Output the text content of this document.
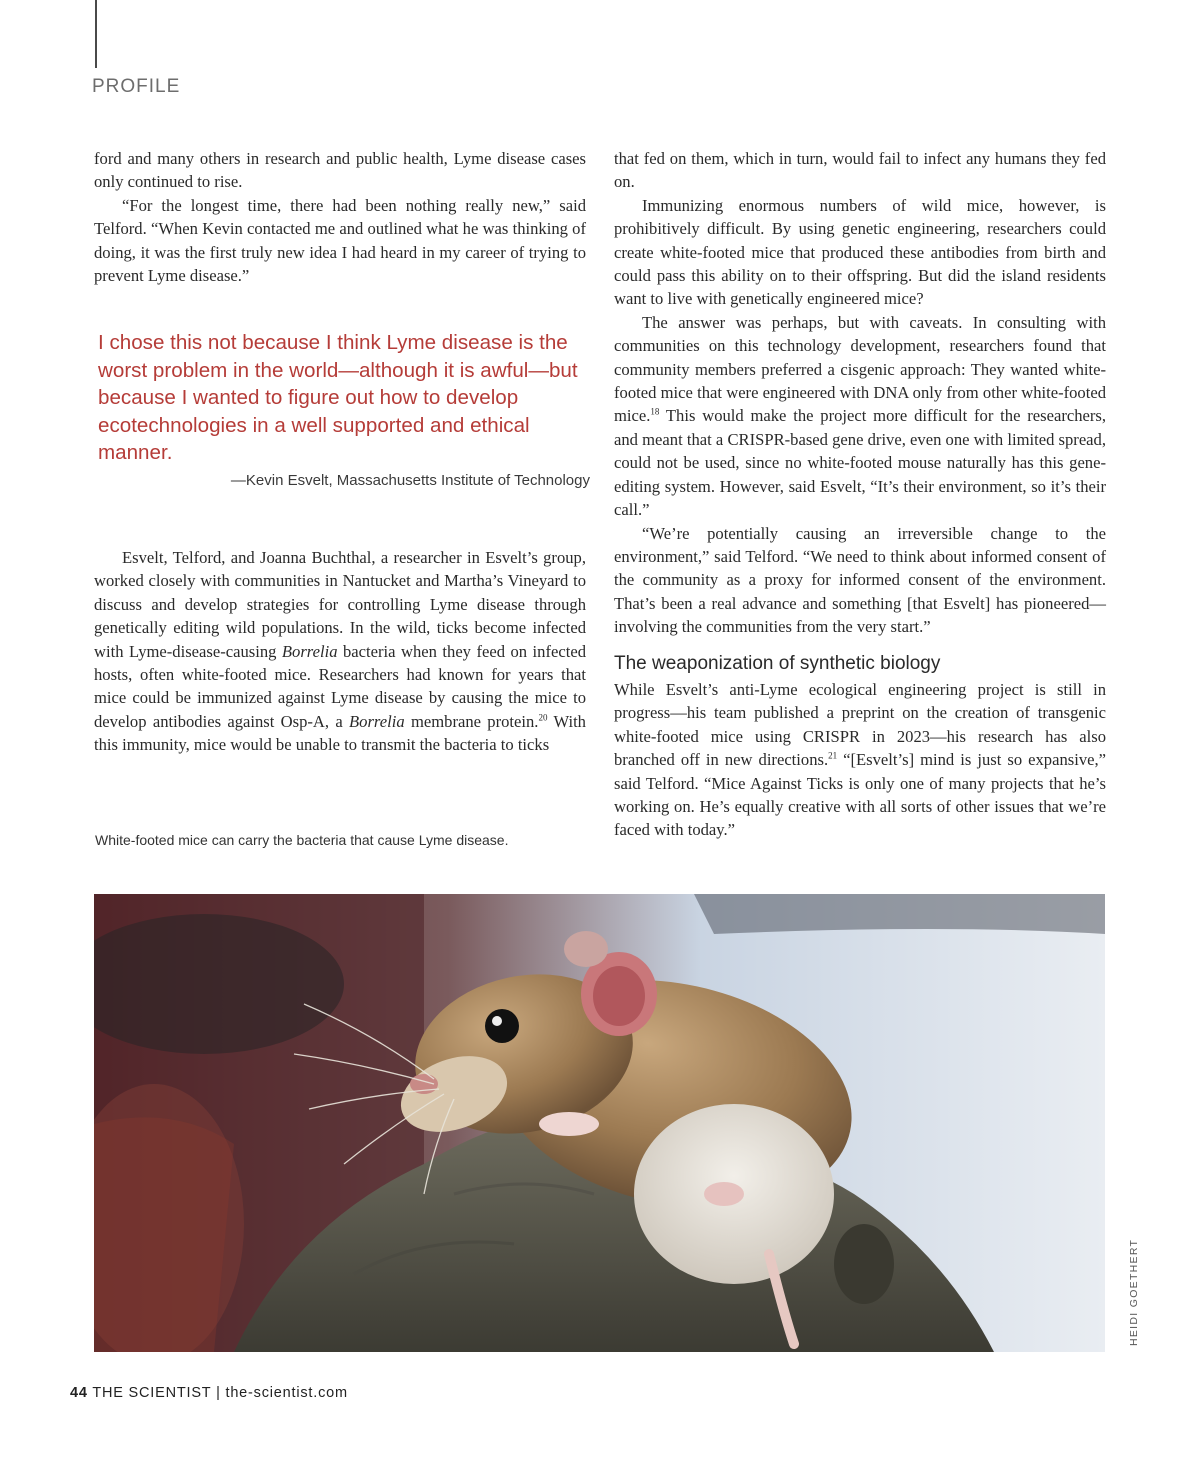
PROFILE

ford and many others in research and public health, Lyme disease cases only continued to rise.

“For the longest time, there had been nothing really new,” said Telford. “When Kevin contacted me and outlined what he was thinking of doing, it was the first truly new idea I had heard in my career of trying to prevent Lyme disease.”

I chose this not because I think Lyme disease is the worst problem in the world—although it is awful—but because I wanted to figure out how to develop ecotechnologies in a well supported and ethical manner.
—Kevin Esvelt, Massachusetts Institute of Technology

Esvelt, Telford, and Joanna Buchthal, a researcher in Esvelt’s group, worked closely with communities in Nantucket and Martha’s Vineyard to discuss and develop strategies for controlling Lyme disease through genetically editing wild populations. In the wild, ticks become infected with Lyme-disease-causing Borrelia bacteria when they feed on infected hosts, often white-footed mice. Researchers had known for years that mice could be immunized against Lyme disease by causing the mice to develop antibodies against Osp-A, a Borrelia membrane protein.$^{20}$ With this immunity, mice would be unable to transmit the bacteria to ticks

that fed on them, which in turn, would fail to infect any humans they fed on.

Immunizing enormous numbers of wild mice, however, is prohibitively difficult. By using genetic engineering, researchers could create white-footed mice that produced these antibodies from birth and could pass this ability on to their offspring. But did the island residents want to live with genetically engineered mice?

The answer was perhaps, but with caveats. In consulting with communities on this technology development, researchers found that community members preferred a cisgenic approach: They wanted white-footed mice that were engineered with DNA only from other white-footed mice.$^{18}$ This would make the project more difficult for the researchers, and meant that a CRISPR-based gene drive, even one with limited spread, could not be used, since no white-footed mouse naturally has this gene-editing system. However, said Esvelt, “It’s their environment, so it’s their call.”

“We’re potentially causing an irreversible change to the environment,” said Telford. “We need to think about informed consent of the community as a proxy for informed consent of the environment. That’s been a real advance and something [that Esvelt] has pioneered—involving the communities from the very start.”

The weaponization of synthetic biology

While Esvelt’s anti-Lyme ecological engineering project is still in progress—his team published a preprint on the creation of transgenic white-footed mice using CRISPR in 2023—his research has also branched off in new directions.$^{21}$ “[Esvelt’s] mind is just so expansive,” said Telford. “Mice Against Ticks is only one of many projects that he’s working on. He’s equally creative with all sorts of other issues that we’re faced with today.”

White-footed mice can carry the bacteria that cause Lyme disease.
HEIDI GOETHERT
44 THE SCIENTIST | the-scientist.com
